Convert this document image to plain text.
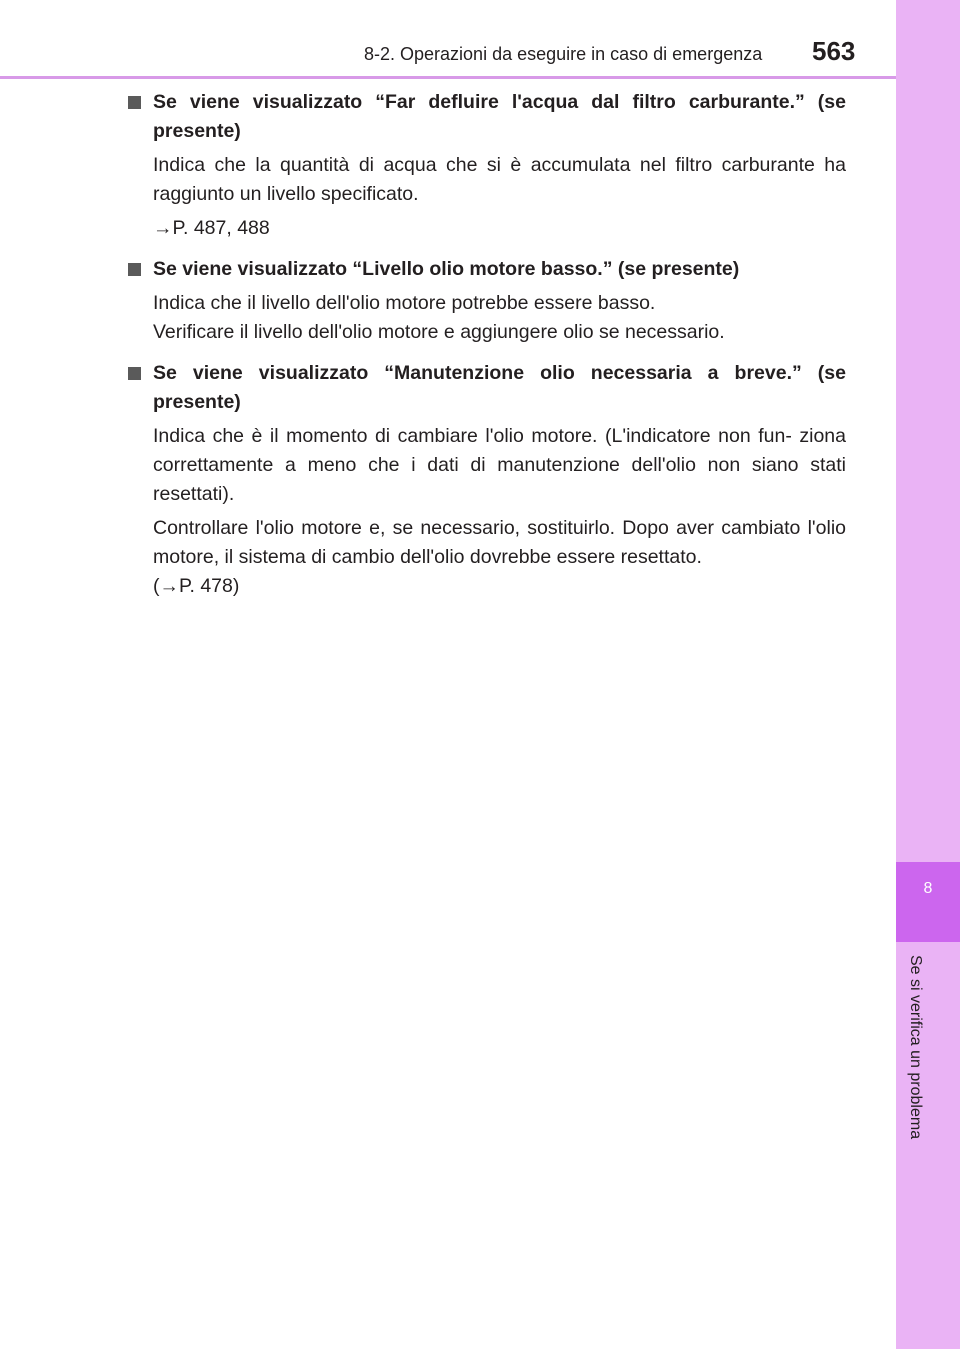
8-2. Operazioni da eseguire in caso di emergenza 563
8
Se si verifica un problema
Se viene visualizzato “Far defluire l'acqua dal filtro carburante.” (se presente)

Indica che la quantità di acqua che si è accumulata nel filtro carburante ha raggiunto un livello specificato.

→P. 487, 488

Se viene visualizzato “Livello olio motore basso.” (se presente)

Indica che il livello dell'olio motore potrebbe essere basso.

Verificare il livello dell'olio motore e aggiungere olio se necessario.

Se viene visualizzato “Manutenzione olio necessaria a breve.” (se presente)

Indica che è il momento di cambiare l'olio motore. (L'indicatore non fun- ziona correttamente a meno che i dati di manutenzione dell'olio non siano stati resettati).

Controllare l'olio motore e, se necessario, sostituirlo. Dopo aver cambiato l'olio motore, il sistema di cambio dell'olio dovrebbe essere resettato.

(→P. 478)
